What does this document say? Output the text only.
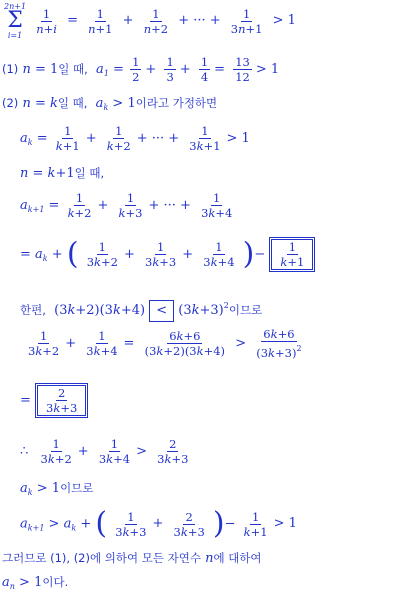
2n+1
Σ
i=1
$\frac{1}{n+i} = \frac{1}{n+1} + \frac{1}{n+2}$ + ··· + $\frac{1}{3n+1} > 1$
(1) n = 1일 때, $a_1 = \frac{1}{2} + \frac{1}{3} + \frac{1}{4} = \frac{13}{12} > 1$
(2) n = k일 때, $a_k > 1$이라고 가정하면
$a_k = \frac{1}{k+1} + \frac{1}{k+2}$ + ··· + $\frac{1}{3k+1} > 1$
n = k+1일 때,
$a_{k+1} = \frac{1}{k+2} + \frac{1}{k+3}$ + ··· + $\frac{1}{3k+4}$
= $a_k$ + ( $\frac{1}{3k+2} + \frac{1}{3k+3} + \frac{1}{3k+4}$ )− $\frac{1}{k+1}$
한편,  $(3k+2)(3k+4) < (3k+3)^2$이므로
$\frac{1}{3k+2} + \frac{1}{3k+4} = \frac{6k+6}{(3k+2)(3k+4)} > \frac{6k+6}{(3k+3)^2}$
= $\frac{2}{3k+3}$
∴ $\frac{1}{3k+2} + \frac{1}{3k+4} > \frac{2}{3k+3}$
$a_k > 1$이므로
$a_{k+1} > a_k$ + ( $\frac{1}{3k+3} + \frac{2}{3k+3}$ )− $\frac{1}{k+1} > 1$
그러므로 (1), (2)에 의하여 모든 자연수 n에 대하여
$a_n > 1$이다.
